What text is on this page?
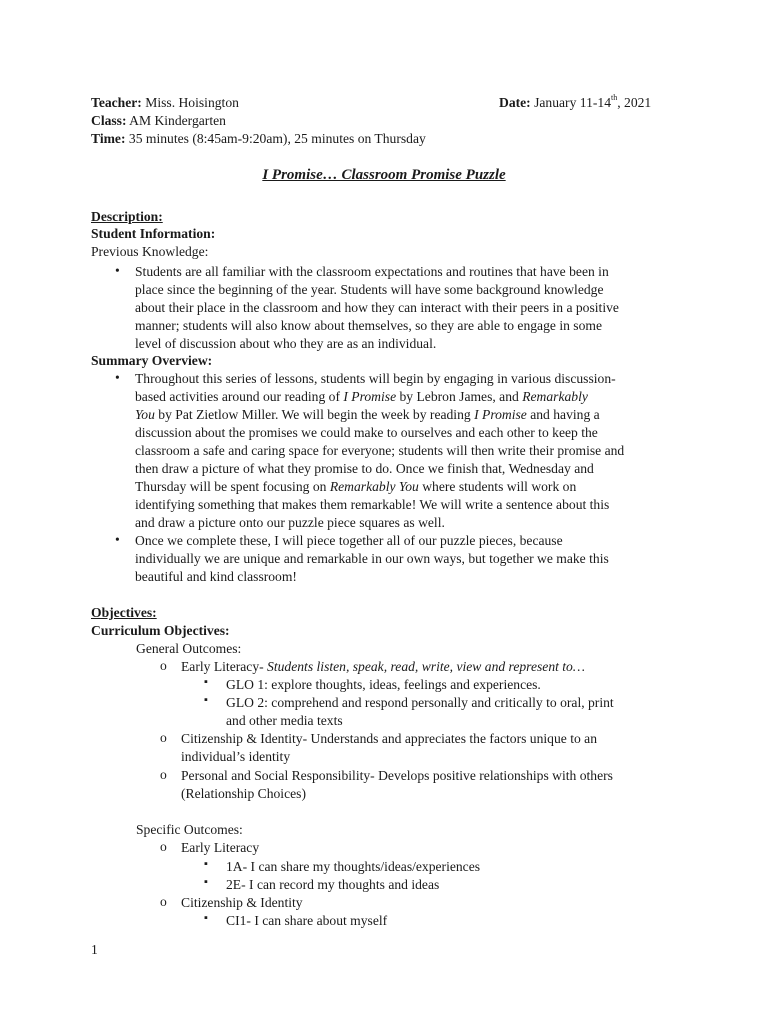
Teacher: Miss. Hoisington	Date: January 11-14th, 2021
Class: AM Kindergarten
Time: 35 minutes (8:45am-9:20am), 25 minutes on Thursday
I Promise… Classroom Promise Puzzle
Description:
Student Information:
Previous Knowledge:
• Students are all familiar with the classroom expectations and routines that have been in
place since the beginning of the year. Students will have some background knowledge
about their place in the classroom and how they can interact with their peers in a positive
manner; students will also know about themselves, so they are able to engage in some
level of discussion about who they are as an individual.
Summary Overview:
• Throughout this series of lessons, students will begin by engaging in various discussion-
based activities around our reading of I Promise by Lebron James, and Remarkably
You by Pat Zietlow Miller. We will begin the week by reading I Promise and having a
discussion about the promises we could make to ourselves and each other to keep the
classroom a safe and caring space for everyone; students will then write their promise and
then draw a picture of what they promise to do. Once we finish that, Wednesday and
Thursday will be spent focusing on Remarkably You where students will work on
identifying something that makes them remarkable! We will write a sentence about this
and draw a picture onto our puzzle piece squares as well.
• Once we complete these, I will piece together all of our puzzle pieces, because
individually we are unique and remarkable in our own ways, but together we make this
beautiful and kind classroom!
Objectives:
Curriculum Objectives:
General Outcomes:
o Early Literacy- Students listen, speak, read, write, view and represent to…
▪ GLO 1: explore thoughts, ideas, feelings and experiences.
▪ GLO 2: comprehend and respond personally and critically to oral, print
and other media texts
o Citizenship & Identity- Understands and appreciates the factors unique to an
individual’s identity
o Personal and Social Responsibility- Develops positive relationships with others
(Relationship Choices)
Specific Outcomes:
o Early Literacy
▪ 1A- I can share my thoughts/ideas/experiences
▪ 2E- I can record my thoughts and ideas
o Citizenship & Identity
▪ CI1- I can share about myself
1
